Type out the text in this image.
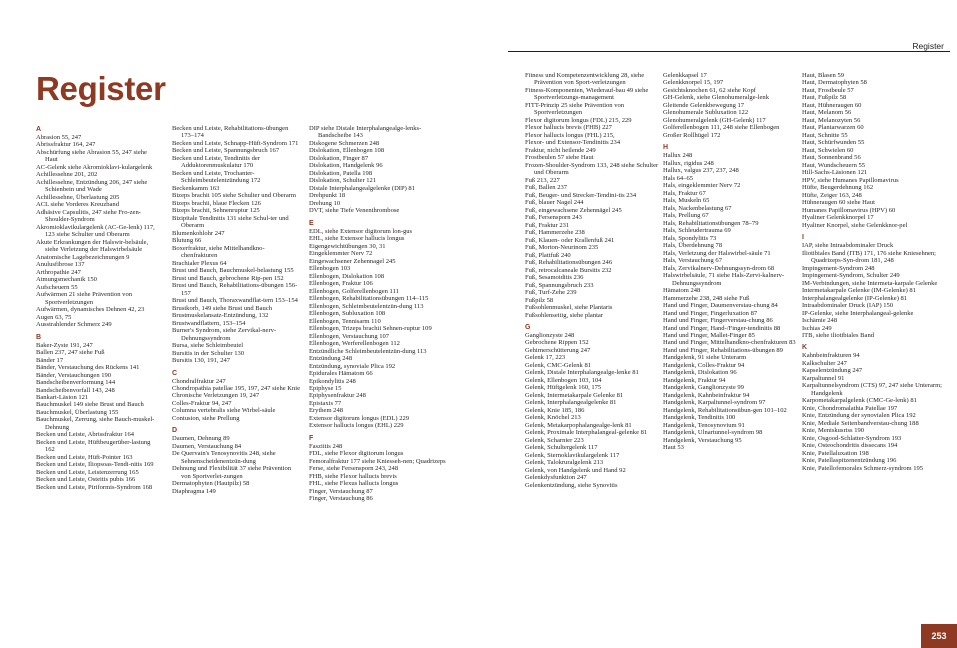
Register
Register
A

Abrasion 55, 247

Abrissfraktur 164, 247

Abschürfung siehe Abrasion 55, 247 siehe Haut

AC-Gelenk siehe Akromioklavi-kulargelenk

Achillessehne 201, 202

Achillessehne, Entzündung 206, 247 siehe Schienbein und Wade

Achillessehne, Überlastung 205

ACL siehe Vorderes Kreuzband

Adhäsive Capsulitis, 247 siehe Fro-zen-Shoulder-Syndrom

Akromioklavikulargelenk (AC-Ge-lenk) 117, 123 siehe Schulter und Oberarm

Akute Erkrankungen der Halswir-belsäule, siehe Verletzung der Halswirbelsäule

Anatomische Lagebezeichnungen 9

Anulusfibrose 137

Arthropathie 247

Atmungsmechanik 150

Aufscheuern 55

Aufwärmen 21 siehe Prävention von Sportverletzungen

Aufwärmen, dynamisches Dehnen 42, 23

Augen 63, 75

Ausstrahlender Schmerz 249

B

Baker-Zyste 191, 247

Ballen 237, 247 siehe Fuß

Bänder 17

Bänder, Verstauchung des Rückens 141

Bänder, Verstauchungen 190

Bandscheibenverformung 144

Bandscheibenvorfall 143, 248

Bankart-Läsion 121

Bauchmuskel 149 siehe Brust und Bauch

Bauchmuskel, Überlastung 155

Bauchmuskel, Zerrung, siehe Bauch-muskel-Dehnung

Becken und Leiste, Abrissfraktur 164

Becken und Leiste, Hüftbeugerüber-lastung 162

Becken und Leiste, Hüft-Pointer 163

Becken und Leiste, Iliopsoas-Tendi-nitis 169

Becken und Leiste, Leistenzerrung 165

Becken und Leiste, Osteitis pubis 166

Becken und Leiste, Piriformis-Syndrom 168

Becken und Leiste, Rehabilitations-übungen 173–174

Becken und Leiste, Schnapp-Hüft-Syndrom 171

Becken und Leiste, Spannungsbruch 167

Becken und Leiste, Tendinitis der Adduktorenmuskulatur 170

Becken und Leiste, Trochanter-Schleimbeutelentzündung 172

Beckenkamm 163

Bizeps brachii 105 siehe Schulter und Oberarm

Bizeps brachii, blaue Flecken 126

Bizeps brachii, Sehnenruptur 125

Bizipitale Tendinitis 131 siehe Schul-ter und Oberarm

Blumenkohlohr 247

Blutung 66

Boxerfraktur, siehe Mittelhandkno-chenfrakturen

Brachialer Plexus 64

Brust und Bauch, Bauchmuskel-belastung 155

Brust und Bauch, gebrochene Rip-pen 152

Brust und Bauch, Rehabilitations-übungen 156-157

Brust und Bauch, Thoraxwandflat-tern 153–154

Brustkorb, 149 siehe Brust und Bauch

Brustmuskelansatz-Entzündung, 132

Brustwandflattern, 153–154

Burner's Syndrom, siehe Zervikal-nerv-Dehnungssyndrom

Bursa, siehe Schleimbeutel

Bursitis in der Schulter 130

Bursitis 130, 191, 247

C

Chondralfraktur 247

Chondropathia patellae 195, 197, 247 siehe Knie

Chronische Verletzungen 19, 247

Colles-Fraktur 94, 247

Columna vertebralis siehe Wirbel-säule

Contusion, siehe Prellung

D

Daumen, Dehnung 89

Daumen, Verstauchung 84

De Quervain's Tenosynovitis 248, siehe Sehnenscheidenentzün-dung

Dehnung und Flexibilität 37 siehe Prävention von Sportverlet-zungen

Dermatophyten (Hautpilz) 58

Diaphragma 149

DIP siehe Distale Interphalangealge-lenks-Bandscheibe 143

Diskogene Schmerzen 248

Dislokation, Ellenbogen 108

Dislokation, Finger 87

Dislokation, Handgelenk 96

Dislokation, Patella 198

Dislokation, Schulter 121

Distale Interphalangealgelenke (DIP) 81

Drehpunkt 18

Drehung 10

DVT, siehe Tiefe Venenthrombose

E

EDL, siehe Extensor digitorum lon-gus

EHL, siehe Extensor hallucis longus

Eigengewichtübungen 30, 31

Eingeklemmter Nerv 72

Eingewachsener Zehennagel 245

Ellenbogen 103

Ellenbogen, Dislokation 108

Ellenbogen, Fraktur 106

Ellenbogen, Golferellenbogen 111

Ellenbogen, Rehabilitationsübungen 114–115

Ellenbogen, Schleimbeutelentzün-dung 113

Ellenbogen, Subluxation 108

Ellenbogen, Tennisarm 110

Ellenbogen, Trizeps brachii Sehnen-ruptur 109

Ellenbogen, Verstauchung 107

Ellenbogen, Werferellenbogen 112

Entzündliche Schleimbeutelentzün-dung 113

Entzündung 248

Entzündung, synoviale Plica 192

Epidurales Hämatom 66

Epikondylitis 248

Epiphyse 15

Epiphysenfraktur 248

Epistaxis 77

Erythem 248

Extensor digitorum longus (EDL) 229

Extensor hallucis longus (EHL) 229

F

Fasziitis 248

FDL, siehe Flexor digitorum longus

Femoralfraktur 177 siehe Kniesseh-nen; Quadrizeps

Ferse, siehe Fersensporn 243, 248

FHB, siehe Flexor hallucis brevis

FHL, siehe Flexus hallucis longus

Finger, Verstauchung 87

Finger, Verstauchung 86

Fitness und Kompetenzentwicklung 28, siehe Prävention von Sport-verletzungen

Fitness-Komponenten, Wiederauf-bau 49 siehe Sportverletzungs-management

FITT-Prinzip 25 siehe Prävention von Sportverletzungen

Flexor digitorum longus (FDL) 215, 229

Flexor hallucis brevis (FHB) 227

Flexor hallucis longus (FHL) 215,

Flexor- und Extensor-Tendinitis 234

Fraktur, nicht heilende 249

Frostbeulen 57 siehe Haut

Frozen-Shoulder-Syndrom 133, 248 siehe Schulter und Oberarm

Fuß 213, 227

Fuß, Ballen 237

Fuß, Beuger- und Strecker-Tendini-tis 234

Fuß, blauer Nagel 244

Fuß, eingewachsene Zehennägel 245

Fuß, Fersensporn 243

Fuß, Fraktur 231

Fuß, Hammerzehe 238

Fuß, Klauen- oder Krallenfuß 241

Fuß, Morton-Neurinom 235

Fuß, Plattfuß 240

Fuß, Rehabilitationsübungen 246

Fuß, retrocalcaneale Bursitis 232

Fuß, Sesamoiditis 236

Fuß, Spannungsbruch 233

Fuß, Turf-Zehe 239

Fußpilz 58

Fußsohlenmuskel, siehe Plantaris

Fußsohlenseitig, siehe plantar

G

Ganglionzyste 248

Gebrochene Rippen 152

Gehirnerschütterung 247

Gelenk 17, 223

Gelenk, CMC-Gelenk 81

Gelenk, Distale Interphalangealge-lenke 81

Gelenk, Ellenbogen 103, 104

Gelenk, Hüftgelenk 160, 175

Gelenk, Intermetakarpale Gelenke 81

Gelenk, Interphalangealgelenke 81

Gelenk, Knie 185, 186

Gelenk, Knöchel 213

Gelenk, Metakarpophalangealge-lenk 81

Gelenk, Proximale Interphalangeal-gelenke 81

Gelenk, Scharnier 223

Gelenk, Schultergelenk 117

Gelenk, Sternoklavikulargelenk 117

Gelenk, Talokruralgelenk 213

Gelenk, von Handgelenk und Hand 92

Gelenkdysfunktion 247

Gelenkentzündung, siehe Synovitis

Gelenkkapsel 17

Gelenkknorpel 15, 197

Gesichtsknochen 61, 62 siehe Kopf

GH-Gelenk, siehe Glenohumeralge-lenk

Gleitende Gelenkbewegung 17

Glenohumerale Subluxation 122

Glenohumeralgelenk (GH-Gelenk) 117

Golferellenbogen 111, 248 siehe Ellenbogen

Großer Rollhügel 172

H

Hallux 248

Hallux, rigidus 248

Hallux, valgus 237, 237, 248

Hals 64–65

Hals, eingeklemmter Nerv 72

Hals, Fraktur 67

Hals, Muskeln 65

Hals, Nackenbelastung 67

Hals, Prellung 67

Hals, Rehabilitationsübungen 78–79

Hals, Schleudertrauma 69

Hals, Spondylitis 73

Hals, Überdehnung 78

Hals, Verletzung der Halswirbel-säule 71

Hals, Verstauchung 67

Hals, Zervikalnerv-Dehnungssyn-drom 68

Halswirbelsäule, 71 siehe Hals-Zervi-kalnerv-Dehnungssyndrom

Hämatom 248

Hammerzehe 238, 248 siehe Fuß

Hand und Finger, Daumenverstau-chung 84

Hand und Finger, Fingerluxation 87

Hand und Finger, Fingerverstau-chung 86

Hand und Finger, Hand-/Finger-tendinitis 88

Hand und Finger, Mallet-Finger 85

Hand und Finger, Mittelhandkno-chenfrakturen 83

Hand und Finger, Rehabilitations-übungen 89

Handgelenk, 91 siehe Unterarm

Handgelenk, Colles-Fraktur 94

Handgelenk, Dislokation 96

Handgelenk, Fraktur 94

Handgelenk, Ganglionzyste 99

Handgelenk, Kahnbeinfraktur 94

Handgelenk, Karpaltunnel-syndrom 97

Handgelenk, Rehabilitationsübun-gen 101–102

Handgelenk, Tendinitis 100

Handgelenk, Tenosynovium 91

Handgelenk, Ulnartunnel-syndrom 98

Handgelenk, Verstauchung 95

Haut 53

Haut, Blasen 59

Haut, Dermatophyten 58

Haut, Frostbeule 57

Haut, Fußpilz 58

Haut, Hühneraugen 60

Haut, Melanom 56

Haut, Melanozyten 56

Haut, Plantarwarzen 60

Haut, Schnitte 55

Haut, Schürfwunden 55

Haut, Schwielen 60

Haut, Sonnenbrand 56

Haut, Wundscheuern 55

Hill-Sachs-Läsionen 121

HPV, siehe Humanes Papillomavirus

Hüfte, Beugerdehnung 162

Hüfte, Zeiger 163, 248

Hühneraugen 60 siehe Haut

Humanes Papillomavirus (HPV) 60

Hyaliner Gelenkknorpel 17

Hyaliner Knorpel, siehe Gelenkknor-pel

I

IAP, siehe Intraabdominaler Druck

Iliotibiales Band (ITB) 171, 176 siehe Kniesehnen; Quadrizeps-Syn-drom 181, 248

Impingement-Syndrom 248

Impingement-Syndrom, Schulter 249

IM-Verbindungen, siehe Intermeta-karpale Gelenke

Intermetakarpale Gelenke (IM-Gelenke) 81

Interphalangealgelenke (IP-Gelenke) 81

Intraabdominaler Druck (IAP) 150

IP-Gelenke, siehe Interphalangeal-gelenke

Ischämie 248

Ischias 249

ITB, siehe iliotibiales Band

K

Kahnbeinfrakturen 94

Kalkschulter 247

Kapselentzündung 247

Karpaltunnel 91

Karpaltunnelsyndrom (CTS) 97, 247 siehe Unterarm; Handgelenk

Karpometakarpalgelenk (CMC-Ge-lenk) 81

Knie, Chondromalathia Patellae 197

Knie, Entzündung der synovialen Plica 192

Knie, Mediale Seitenbandverstau-chung 188

Knie, Meniskusriss 190

Knie, Osgood-Schlatter-Syndrom 193

Knie, Osteochondritis dissecans 194

Knie, Patellaluxation 198

Knie, Patellaspitzenentzündung 196

Knie, Patellofemorales Schmerz-syndrom 195

253
